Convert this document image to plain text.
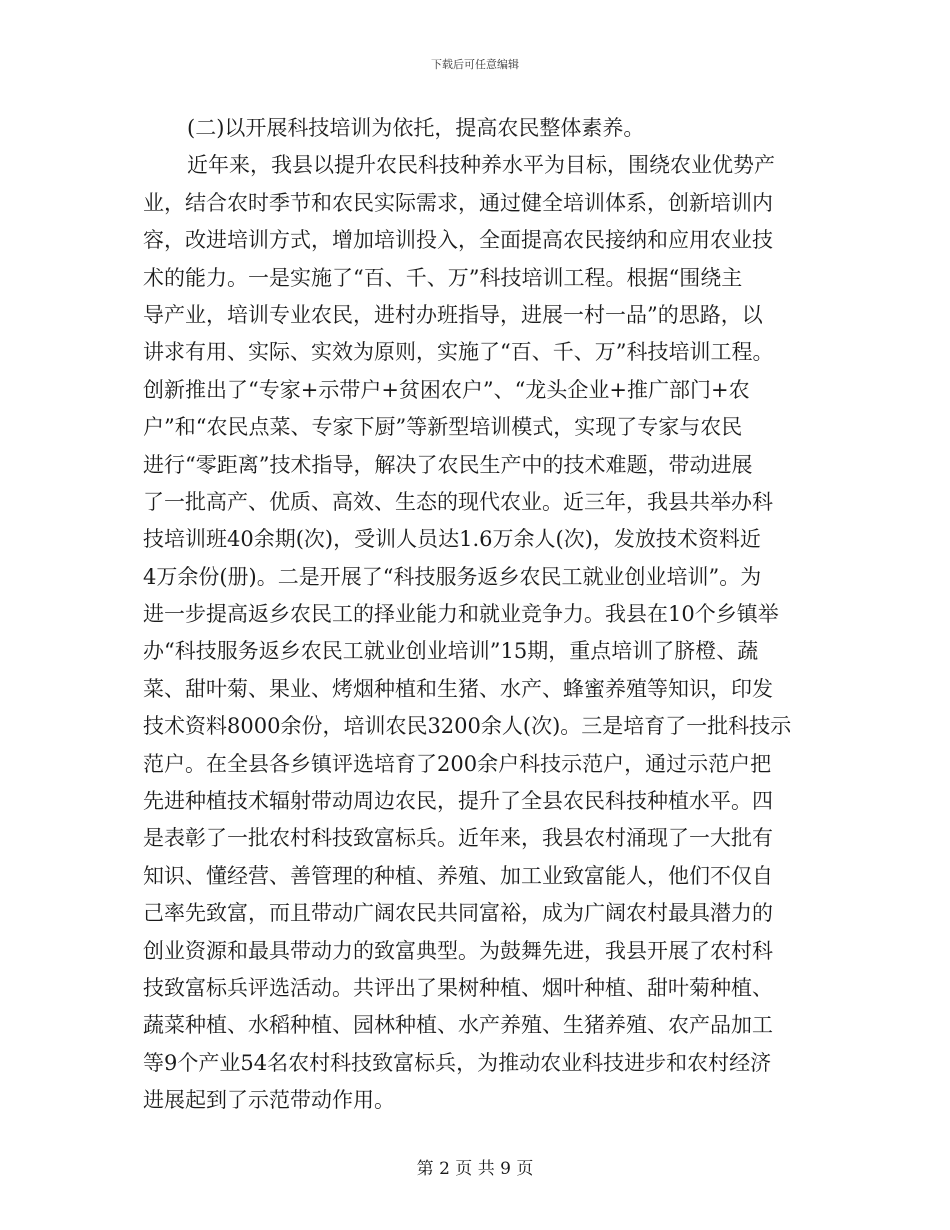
下载后可任意编辑

(二)以开展科技培训为依托，提高农民整体素养。

近年来，我县以提升农民科技种养水平为目标，围绕农业优势产
业，结合农时季节和农民实际需求，通过健全培训体系，创新培训内
容，改进培训方式，增加培训投入，全面提高农民接纳和应用农业技
术的能力。一是实施了“百、千、万”科技培训工程。根据“围绕主
导产业，培训专业农民，进村办班指导，进展一村一品”的思路，以
讲求有用、实际、实效为原则，实施了“百、千、万”科技培训工程。
创新推出了“专家+示带户+贫困农户”、“龙头企业+推广部门+农
户”和“农民点菜、专家下厨”等新型培训模式，实现了专家与农民
进行“零距离”技术指导，解决了农民生产中的技术难题，带动进展
了一批高产、优质、高效、生态的现代农业。近三年，我县共举办科
技培训班40余期(次)，受训人员达1.6万余人(次)，发放技术资料近
4万余份(册)。二是开展了“科技服务返乡农民工就业创业培训”。为
进一步提高返乡农民工的择业能力和就业竞争力。我县在10个乡镇举
办“科技服务返乡农民工就业创业培训”15期，重点培训了脐橙、蔬
菜、甜叶菊、果业、烤烟种植和生猪、水产、蜂蜜养殖等知识，印发
技术资料8000余份，培训农民3200余人(次)。三是培育了一批科技示
范户。在全县各乡镇评选培育了200余户科技示范户，通过示范户把
先进种植技术辐射带动周边农民，提升了全县农民科技种植水平。四
是表彰了一批农村科技致富标兵。近年来，我县农村涌现了一大批有
知识、懂经营、善管理的种植、养殖、加工业致富能人，他们不仅自
己率先致富，而且带动广阔农民共同富裕，成为广阔农村最具潜力的
创业资源和最具带动力的致富典型。为鼓舞先进，我县开展了农村科
技致富标兵评选活动。共评出了果树种植、烟叶种植、甜叶菊种植、
蔬菜种植、水稻种植、园林种植、水产养殖、生猪养殖、农产品加工
等9个产业54名农村科技致富标兵，为推动农业科技进步和农村经济
进展起到了示范带动作用。

第 2 页 共 9 页
